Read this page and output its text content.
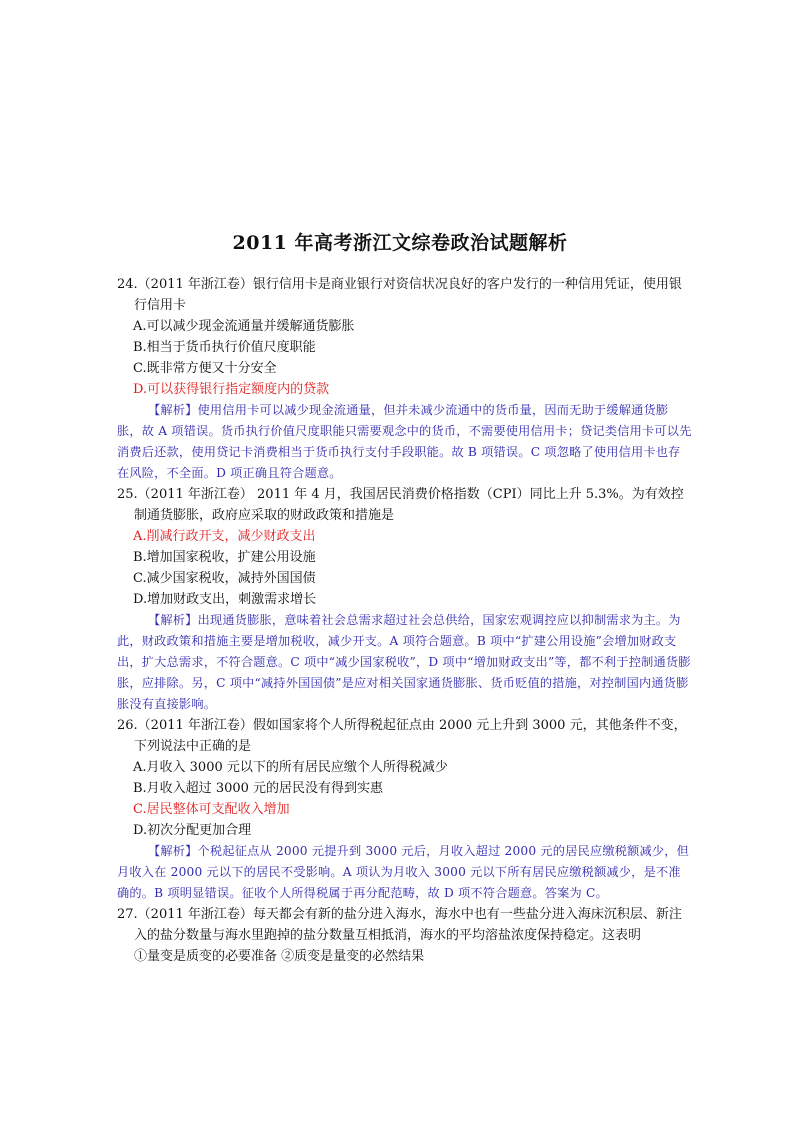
2011 年高考浙江文综卷政治试题解析

24.（2011 年浙江卷）银行信用卡是商业银行对资信状况良好的客户发行的一种信用凭证，使用银行信用卡

A.可以减少现金流通量并缓解通货膨胀

B.相当于货币执行价值尺度职能

C.既非常方便又十分安全

D.可以获得银行指定额度内的贷款

【解析】使用信用卡可以减少现金流通量，但并未减少流通中的货币量，因而无助于缓解通货膨胀，故 A 项错误。货币执行价值尺度职能只需要观念中的货币，不需要使用信用卡；贷记类信用卡可以先消费后还款，使用贷记卡消费相当于货币执行支付手段职能。故 B 项错误。C 项忽略了使用信用卡也存在风险，不全面。D 项正确且符合题意。

25.（2011 年浙江卷） 2011 年 4 月，我国居民消费价格指数（CPI）同比上升 5.3%。为有效控制通货膨胀，政府应采取的财政政策和措施是

A.削减行政开支，减少财政支出

B.增加国家税收，扩建公用设施

C.减少国家税收，减持外国国债

D.增加财政支出，刺激需求增长

【解析】出现通货膨胀，意味着社会总需求超过社会总供给，国家宏观调控应以抑制需求为主。为此，财政政策和措施主要是增加税收，减少开支。A 项符合题意。B 项中“扩建公用设施”会增加财政支出，扩大总需求，不符合题意。C 项中“减少国家税收”，D 项中“增加财政支出”等，都不利于控制通货膨胀，应排除。另，C 项中“减持外国国债”是应对相关国家通货膨胀、货币贬值的措施，对控制国内通货膨胀没有直接影响。

26.（2011 年浙江卷）假如国家将个人所得税起征点由 2000 元上升到 3000 元，其他条件不变，下列说法中正确的是

A.月收入 3000 元以下的所有居民应缴个人所得税减少

B.月收入超过 3000 元的居民没有得到实惠

C.居民整体可支配收入增加

D.初次分配更加合理

【解析】个税起征点从 2000 元提升到 3000 元后，月收入超过 2000 元的居民应缴税额减少，但月收入在 2000 元以下的居民不受影响。A 项认为月收入 3000 元以下所有居民应缴税额减少，是不准确的。B 项明显错误。征收个人所得税属于再分配范畴，故 D 项不符合题意。答案为 C。

27.（2011 年浙江卷）每天都会有新的盐分进入海水，海水中也有一些盐分进入海床沉积层、新注入的盐分数量与海水里跑掉的盐分数量互相抵消，海水的平均溶盐浓度保持稳定。这表明

①量变是质变的必要准备 ②质变是量变的必然结果
